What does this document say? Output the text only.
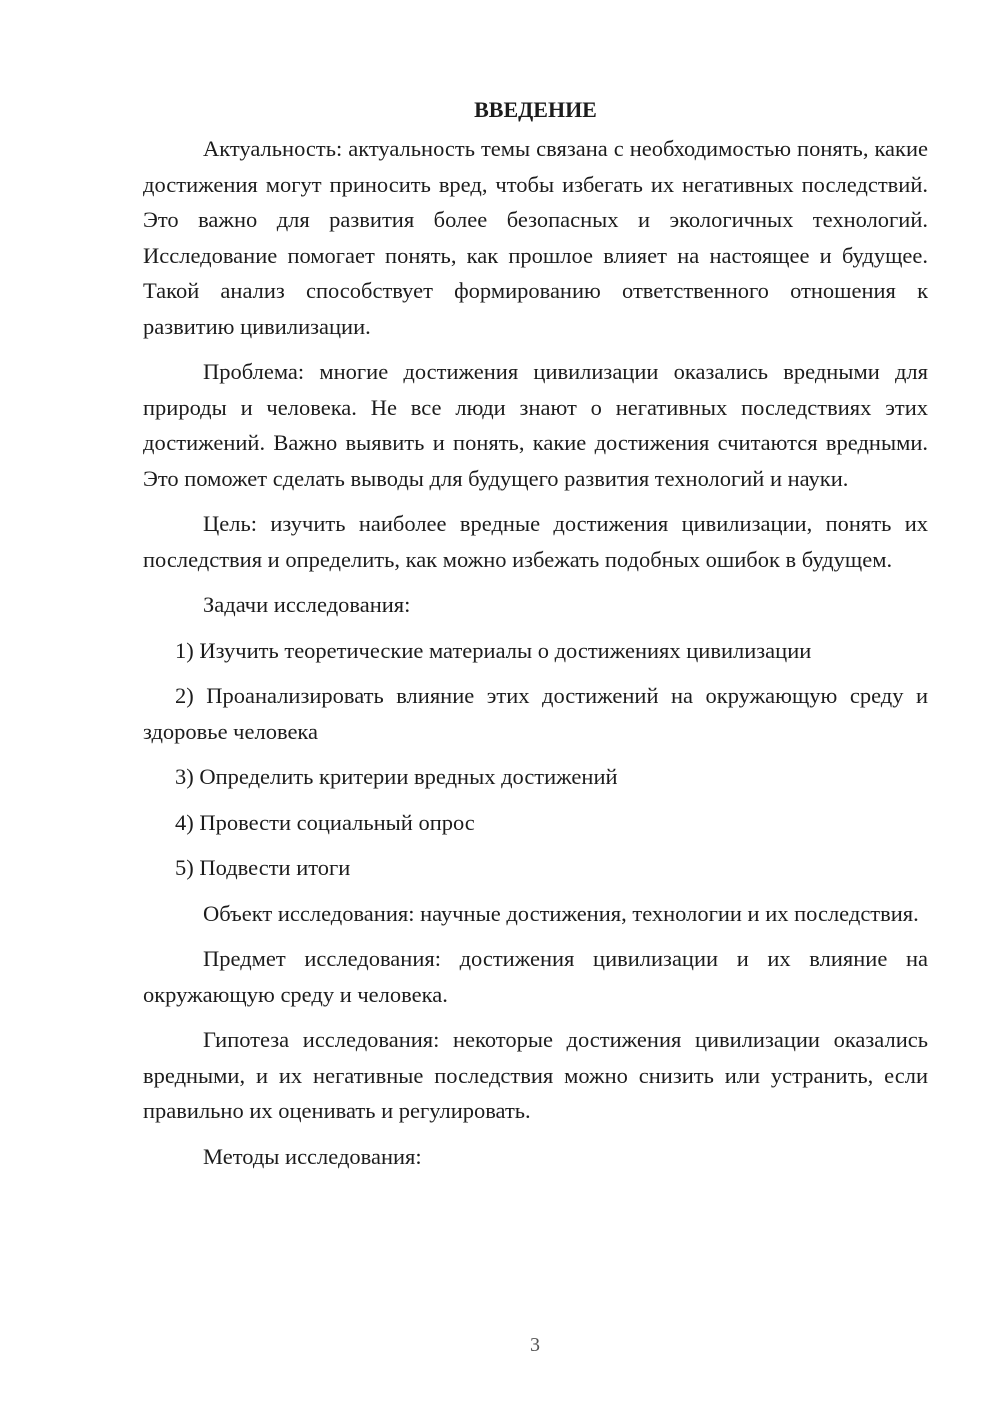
ВВЕДЕНИЕ

Актуальность: актуальность темы связана с необходимостью понять, какие достижения могут приносить вред, чтобы избегать их негативных последствий. Это важно для развития более безопасных и экологичных технологий. Исследование помогает понять, как прошлое влияет на настоящее и будущее. Такой анализ способствует формированию ответственного отношения к развитию цивилизации.

Проблема: многие достижения цивилизации оказались вредными для природы и человека. Не все люди знают о негативных последствиях этих достижений. Важно выявить и понять, какие достижения считаются вредными. Это поможет сделать выводы для будущего развития технологий и науки.

Цель: изучить наиболее вредные достижения цивилизации, понять их последствия и определить, как можно избежать подобных ошибок в будущем.

Задачи исследования:

1) Изучить теоретические материалы о достижениях цивилизации

2) Проанализировать влияние этих достижений на окружающую среду и здоровье человека

3) Определить критерии вредных достижений

4) Провести социальный опрос

5) Подвести итоги

Объект исследования: научные достижения, технологии и их последствия.

Предмет исследования: достижения цивилизации и их влияние на окружающую среду и человека.

Гипотеза исследования: некоторые достижения цивилизации оказались вредными, и их негативные последствия можно снизить или устранить, если правильно их оценивать и регулировать.

Методы исследования:

3
